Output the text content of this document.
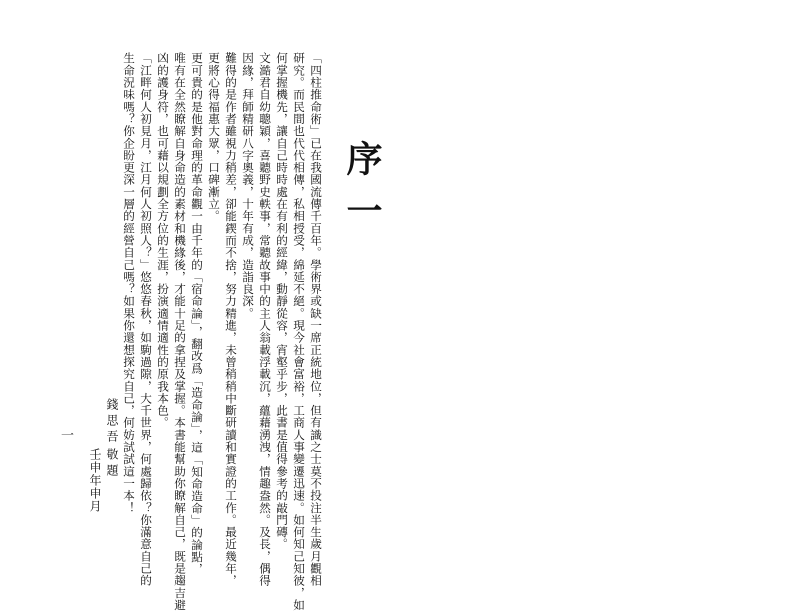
序一
「四柱推命術」已在我國流傳千百年。學術界或缺一席正統地位，但有識之士莫不投注半生歲月觀相
研究。而民間也代代相傳，私相授受，綿延不絕。現今社會富裕，工商人事變遷迅速。如何知己知彼，如
何掌握機先，讓自己時時處在有利的經緯，動靜從容，宵壑乎步，此書是值得參考的敲門磚。
文澔君自幼聰穎，喜聽野史軼事，常聽故事中的主人翁載浮載沉，蘊藉湧洩，情趣盎然。及長，偶得
因緣，拜師精研八字奧義，十年有成，造詣良深。
難得的是作者雖視力稍差，卻能鍥而不捨，努力精進，未曾稍稍中斷研讀和實證的工作。最近幾年，
更將心得福惠大眾，口碑漸立。
更可貴的是他對命理的革命觀一由千年的「宿命論」，翻改爲「造命論」，這「知命造命」的論點，
唯有在全然瞭解自身命造的素材和機緣後，才能十足的拿捏及掌握。本書能幫助你瞭解自己，既是趨吉避
凶的護身符，也可藉以規劃全方位的生涯，扮演適情適性的原我本色。
「江畔何人初見月，江月何人初照人？」悠悠春秋，如駒過隙，大千世界，何處歸依？你滿意自己的
生命況味嗎？你企盼更深一層的經營自己嗎？如果你還想探究自己，何妨試試這一本！
錢思吾
敬題
壬申年申月
一
